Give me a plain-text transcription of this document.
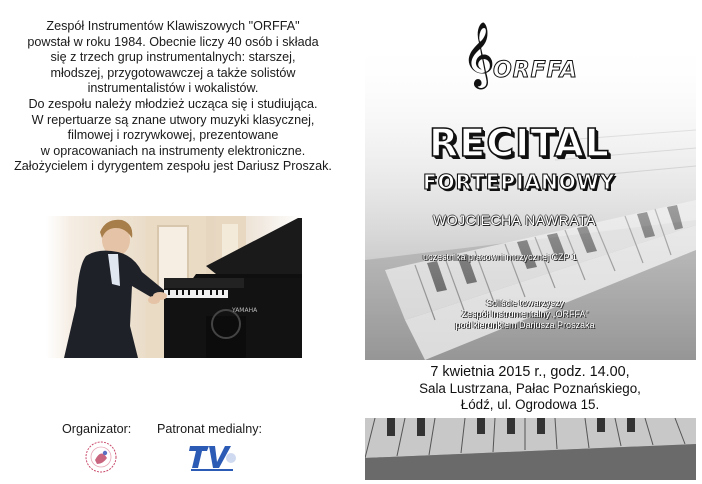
Zespół Instrumentów Klawiszowych "ORFFA"

powstał w roku 1984. Obecnie liczy 40 osób i składa

się z trzech grup instrumentalnych: starszej,

młodszej, przygotowawczej a także solistów

instrumentalistów i wokalistów.

Do zespołu należy młodzież ucząca się i studiująca.

W repertuarze są znane utwory muzyki klasycznej,

filmowej i rozrywkowej, prezentowane

w opracowaniach na instrumenty elektroniczne.

Założycielem i dyrygentem zespołu jest Dariusz Proszak.

YAMAHA
Organizator: Patronat medialny:
𝄞
ORFFA
RECITAL
FORTEPIANOWY
WOJCIECHA NAWRATA
uczestnika pracowni muzycznej CZP 1

Soliście towarzyszy

Zespół Instrumentalny „ORFFA”

pod kierunkiem Dariusza Proszaka

7 kwietnia 2015 r., godz. 14.00,

Sala Lustrzana, Pałac Poznańskiego,

Łódź, ul. Ogrodowa 15.
